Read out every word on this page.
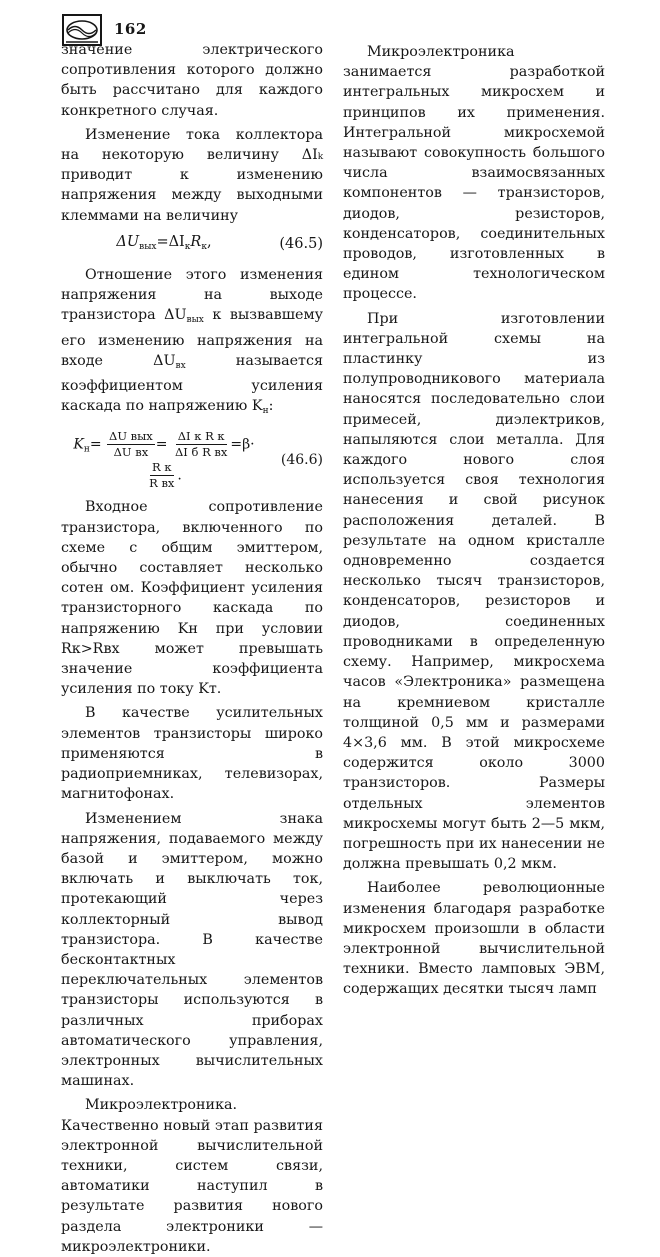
162

значение электрического сопротивления которого должно быть рассчитано для каждого конкретного случая.

Изменение тока коллектора на некоторую величину ΔIₖ приводит к изменению напряжения между выходными клеммами на величину

$\Delta U_{вых}=\Delta I_кR_к$,	(46.5)

Отношение этого изменения напряжения на выходе транзистора $\Delta U_{вых}$ к вызвавшему его изменению напряжения на входе $\Delta U_{вх}$ называется коэффициентом усиления каскада по напряжению $K_н$:

$K_н= \frac{\text{ΔU вых}}{\text{ΔU вх}} = \frac{\text{ΔI к R к}}{\text{ΔI б R вх}} =\beta\cdot$
$\frac{\text{R к}}{\text{R вх}}$ .
(46.6)

Входное сопротивление транзистора, включенного по схеме с общим эмиттером, обычно составляет несколько сотен ом. Коэффициент усиления транзисторного каскада по напряжению Kн при условии Rк>Rвх может превышать значение коэффициента усиления по току Kт.

В качестве усилительных элементов транзисторы широко применяются в радиоприемниках, телевизорах, магнитофонах.

Изменением знака напряжения, подаваемого между базой и эмиттером, можно включать и выключать ток, протекающий через коллекторный вывод транзистора. В качестве бесконтактных переключательных элементов транзисторы используются в различных приборах автоматического управления, электронных вычислительных машинах.

Микроэлектроника. Качественно новый этап развития электронной вычислительной техники, систем связи, автоматики наступил в результате развития нового раздела электроники — микроэлектроники.

Микроэлектроника занимается разработкой интегральных микросхем и принципов их применения. Интегральной микросхемой называют совокупность большого числа взаимосвязанных компонентов — транзисторов, диодов, резисторов, конденсаторов, соединительных проводов, изготовленных в едином технологическом процессе.

При изготовлении интегральной схемы на пластинку из полупроводникового материала наносятся последовательно слои примесей, диэлектриков, напыляются слои металла. Для каждого нового слоя используется своя технология нанесения и свой рисунок расположения деталей. В результате на одном кристалле одновременно создается несколько тысяч транзисторов, конденсаторов, резисторов и диодов, соединенных проводниками в определенную схему. Например, микросхема часов «Электроника» размещена на кремниевом кристалле толщиной 0,5 мм и размерами 4×3,6 мм. В этой микросхеме содержится около 3000 транзисторов. Размеры отдельных элементов микросхемы могут быть 2—5 мкм, погрешность при их нанесении не должна превышать 0,2 мкм.

Наиболее революционные изменения благодаря разработке микросхем произошли в области электронной вычислительной техники. Вместо ламповых ЭВМ, содержащих десятки тысяч ламп
